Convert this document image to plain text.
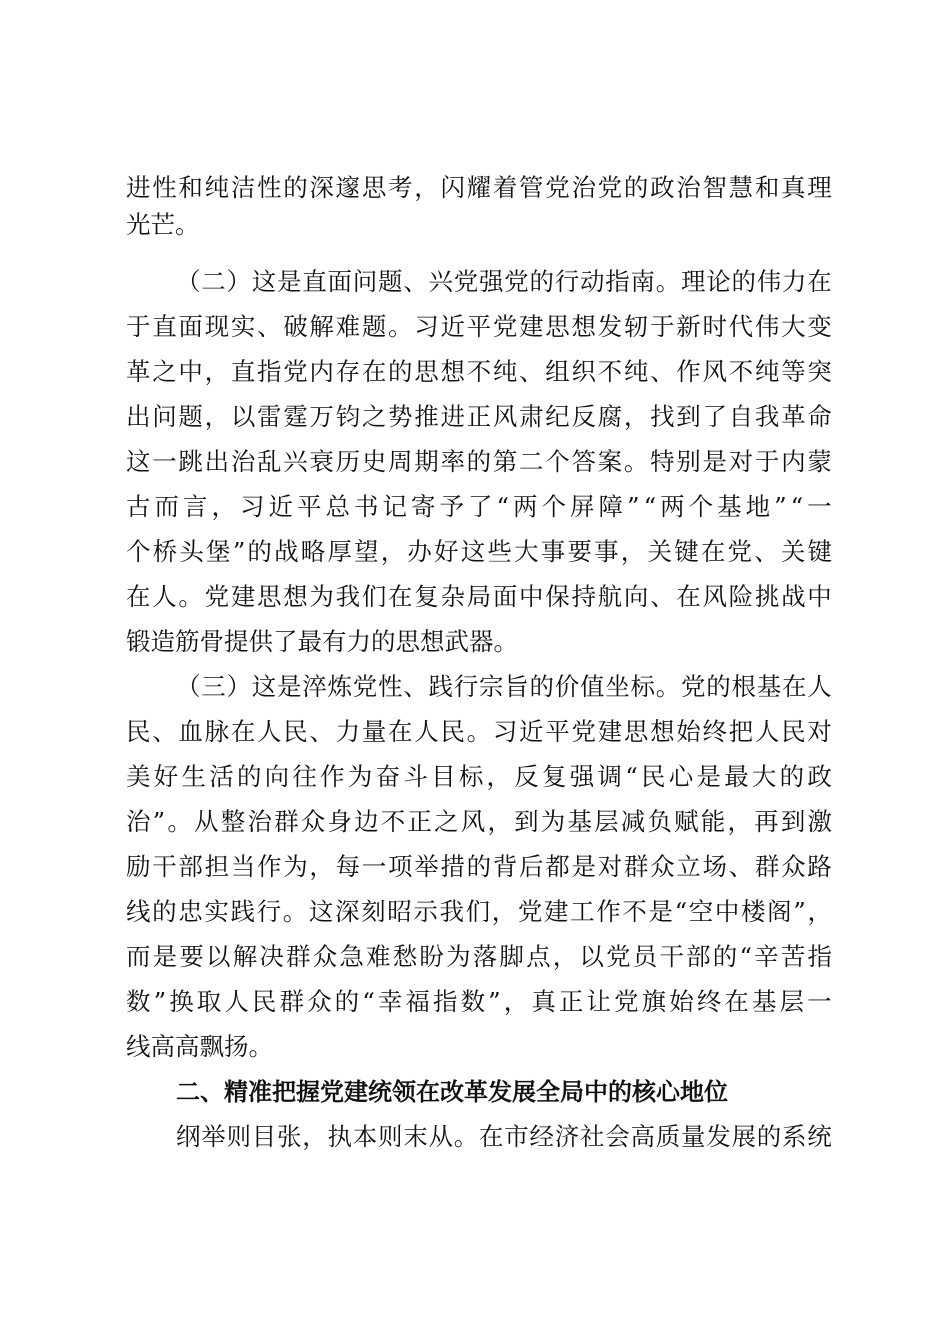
进 性 和 纯 洁 性 的 深 邃 思 考 ， 闪 耀 着 管 党 治 党 的 政 治 智 慧 和 真 理
光芒。
（ 二 ） 这 是 直 面 问 题 、 兴 党 强 党 的 行 动 指 南 。 理 论 的 伟 力 在
于 直 面 现 实 、 破 解 难 题 。 习 近 平 党 建 思 想 发 轫 于 新 时 代 伟 大 变
革 之 中 ， 直 指 党 内 存 在 的 思 想 不 纯 、 组 织 不 纯 、 作 风 不 纯 等 突
出 问 题 ， 以 雷 霆 万 钧 之 势 推 进 正 风 肃 纪 反 腐 ， 找 到 了 自 我 革 命
这 一 跳 出 治 乱 兴 衰 历 史 周 期 率 的 第 二 个 答 案 。 特 别 是 对 于 内 蒙
古 而 言 ， 习 近 平 总 书 记 寄 予 了 “ 两 个 屏 障 ” “ 两 个 基 地 ” “ 一
个 桥 头 堡 ” 的 战 略 厚 望 ， 办 好 这 些 大 事 要 事 ， 关 键 在 党 、 关 键
在 人 。 党 建 思 想 为 我 们 在 复 杂 局 面 中 保 持 航 向 、 在 风 险 挑 战 中
锻造筋骨提供了最有力的思想武器。
（ 三 ） 这 是 淬 炼 党 性 、 践 行 宗 旨 的 价 值 坐 标 。 党 的 根 基 在 人
民 、 血 脉 在 人 民 、 力 量 在 人 民 。 习 近 平 党 建 思 想 始 终 把 人 民 对
美 好 生 活 的 向 往 作 为 奋 斗 目 标 ， 反 复 强 调 “ 民 心 是 最 大 的 政
治 ” 。 从 整 治 群 众 身 边 不 正 之 风 ， 到 为 基 层 减 负 赋 能 ， 再 到 激
励 干 部 担 当 作 为 ， 每 一 项 举 措 的 背 后 都 是 对 群 众 立 场 、 群 众 路
线 的 忠 实 践 行 。 这 深 刻 昭 示 我 们 ， 党 建 工 作 不 是 “ 空 中 楼 阁 ” ，
而 是 要 以 解 决 群 众 急 难 愁 盼 为 落 脚 点 ， 以 党 员 干 部 的 “ 辛 苦 指
数 ” 换 取 人 民 群 众 的 “ 幸 福 指 数 ” ， 真 正 让 党 旗 始 终 在 基 层 一
线高高飘扬。
二、精准把握党建统领在改革发展全局中的核心地位
纲 举 则 目 张 ， 执 本 则 末 从 。 在 市 经 济 社 会 高 质 量 发 展 的 系 统
